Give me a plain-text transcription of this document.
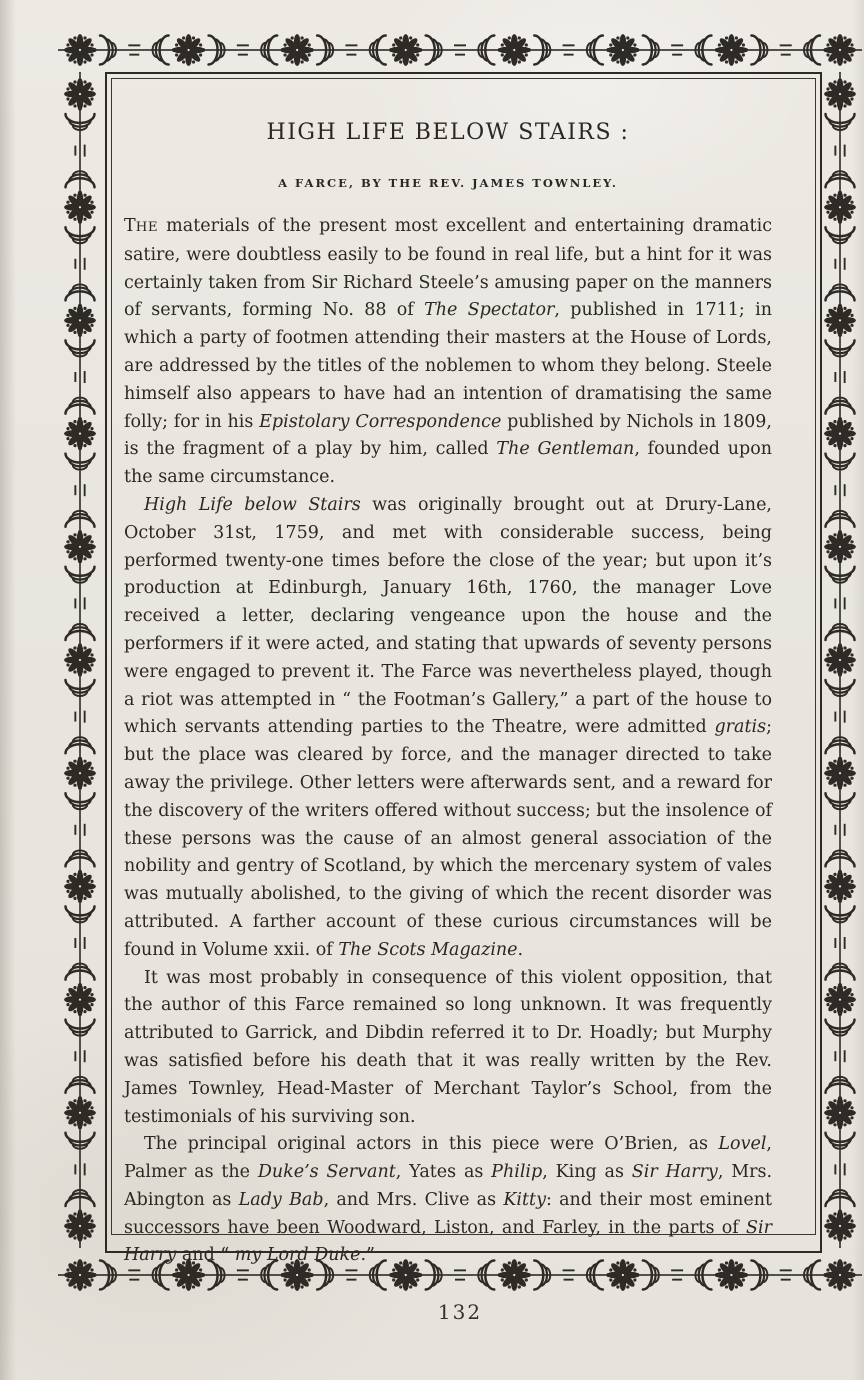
HIGH LIFE BELOW STAIRS :
A FARCE, BY THE REV. JAMES TOWNLEY.

THE materials of the present most excellent and entertaining dramatic satire, were doubtless easily to be found in real life, but a hint for it was certainly taken from Sir Richard Steele’s amusing paper on the manners of servants, forming No. 88 of The Spectator, published in 1711; in which a party of footmen attending their masters at the House of Lords, are addressed by the titles of the noblemen to whom they belong. Steele himself also appears to have had an intention of dramatising the same folly; for in his Epistolary Correspondence published by Nichols in 1809, is the fragment of a play by him, called The Gentleman, founded upon the same circumstance.

High Life below Stairs was originally brought out at Drury-Lane, October 31st, 1759, and met with considerable success, being performed twenty-one times before the close of the year; but upon it’s production at Edinburgh, January 16th, 1760, the manager Love received a letter, declaring vengeance upon the house and the performers if it were acted, and stating that upwards of seventy persons were engaged to prevent it. The Farce was nevertheless played, though a riot was attempted in “ the Footman’s Gallery,” a part of the house to which servants attending parties to the Theatre, were admitted gratis; but the place was cleared by force, and the manager directed to take away the privilege. Other letters were afterwards sent, and a reward for the discovery of the writers offered without success; but the insolence of these persons was the cause of an almost general association of the nobility and gentry of Scotland, by which the mercenary system of vales was mutually abolished, to the giving of which the recent disorder was attributed. A farther account of these curious circumstances will be found in Volume xxii. of The Scots Magazine.

It was most probably in consequence of this violent opposition, that the author of this Farce remained so long unknown. It was frequently attributed to Garrick, and Dibdin referred it to Dr. Hoadly; but Murphy was satisfied before his death that it was really written by the Rev. James Townley, Head-Master of Merchant Taylor’s School, from the testimonials of his surviving son.

The principal original actors in this piece were O’Brien, as Lovel, Palmer as the Duke’s Servant, Yates as Philip, King as Sir Harry, Mrs. Abington as Lady Bab, and Mrs. Clive as Kitty: and their most eminent successors have been Woodward, Liston, and Farley, in the parts of Sir Harry and “ my Lord Duke.”

132
